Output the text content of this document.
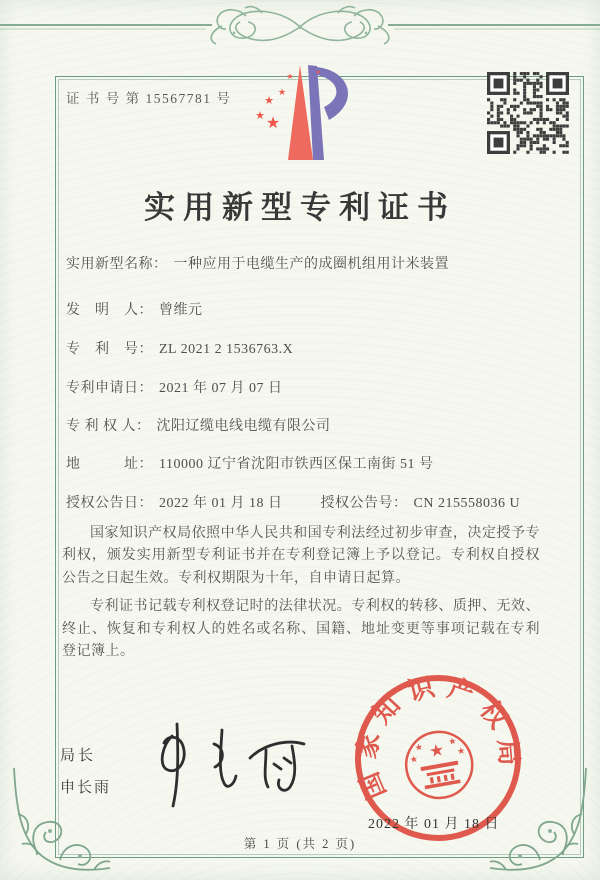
证 书 号 第 15567781 号
★
★
★
★
★	★
实用新型专利证书
实用新型名称： 一种应用于电缆生产的成圈机组用计米装置
发　明　人： 曾维元
专　利　号： ZL 2021 2 1536763.X
专利申请日： 2021 年 07 月 07 日
专 利 权 人： 沈阳辽缆电线电缆有限公司
地　　　址： 110000 辽宁省沈阳市铁西区保工南街 51 号
授权公告日： 2022 年 01 月 18 日	授权公告号： CN 215558036 U

国家知识产权局依照中华人民共和国专利法经过初步审查，决定授予专利权，颁发实用新型专利证书并在专利登记簿上予以登记。专利权自授权公告之日起生效。专利权期限为十年，自申请日起算。

专利证书记载专利权登记时的法律状况。专利权的转移、质押、无效、终止、恢复和专利权人的姓名或名称、国籍、地址变更等事项记载在专利登记簿上。

局长
申长雨	国家知识产权局
★
★
★
★
★
2022 年 01 月 18 日
第 1 页 (共 2 页)
